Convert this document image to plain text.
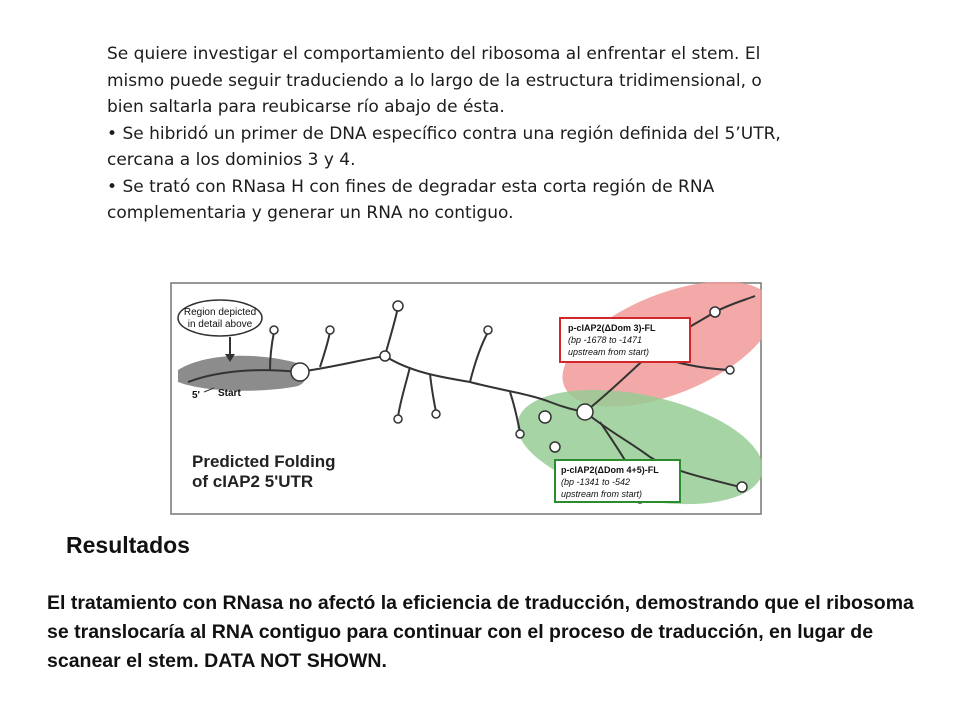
Se quiere investigar el comportamiento del ribosoma al enfrentar el stem. El mismo puede seguir traduciendo a lo largo de la estructura tridimensional, o bien saltarla para reubicarse río abajo de ésta.

• Se hibridó un primer de DNA específico contra una región definida del 5’UTR, cercana a los dominios 3 y 4.

• Se trató con RNasa H con fines de degradar esta corta región de RNA complementaria y generar un RNA no contiguo.

Region depicted
in detail above
5' Start
Predicted Folding
of cIAP2 5'UTR
p-cIAP2(ΔDom 3)-FL
(bp -1678 to -1471
upstream from start)
p-cIAP2(ΔDom 4+5)-FL
(bp -1341 to -542
upstream from start)
Resultados

El tratamiento con RNasa no afectó la eficiencia de traducción, demostrando que el ribosoma se translocaría al RNA contiguo para continuar con el proceso de traducción, en lugar de scanear el stem. DATA NOT SHOWN.
